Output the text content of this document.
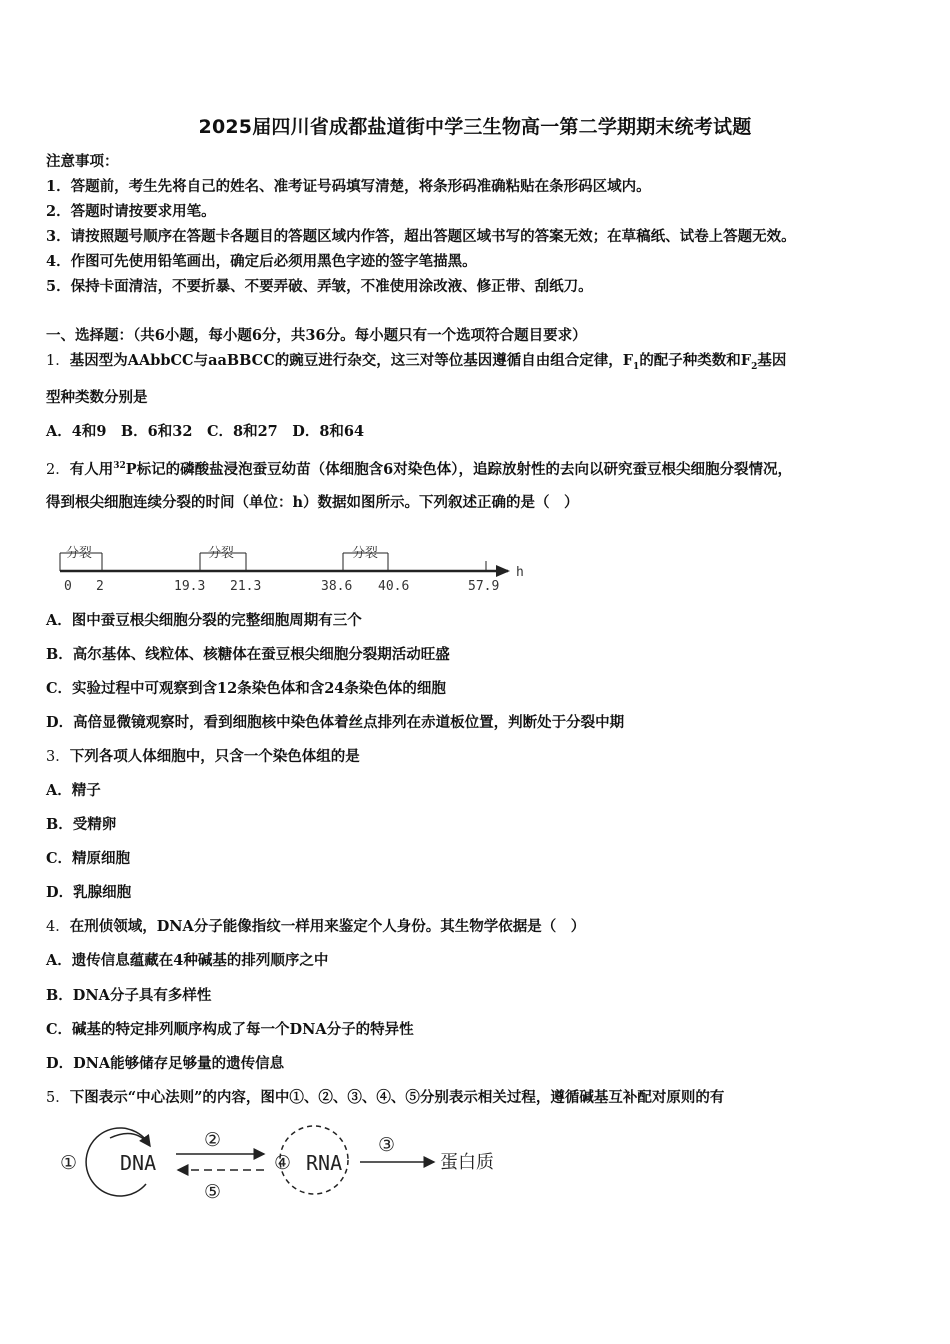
2025届四川省成都盐道街中学三生物高一第二学期期末统考试题
注意事项：
1．答题前，考生先将自己的姓名、准考证号码填写清楚，将条形码准确粘贴在条形码区域内。
2．答题时请按要求用笔。
3．请按照题号顺序在答题卡各题目的答题区域内作答，超出答题区域书写的答案无效；在草稿纸、试卷上答题无效。
4．作图可先使用铅笔画出，确定后必须用黑色字迹的签字笔描黑。
5．保持卡面清洁，不要折暴、不要弄破、弄皱，不准使用涂改液、修正带、刮纸刀。
一、选择题：（共6小题，每小题6分，共36分。每小题只有一个选项符合题目要求）
1．基因型为AAbbCC与aaBBCC的豌豆进行杂交，这三对等位基因遵循自由组合定律，$F_1$的配子种类数和$F_2$基因
型种类数分别是
A．4和9　B．6和32　C．8和27　D．8和64
2．有人用$^{32}$P标记的磷酸盐浸泡蚕豆幼苗（体细胞含6对染色体），追踪放射性的去向以研究蚕豆根尖细胞分裂情况，
得到根尖细胞连续分裂的时间（单位：h）数据如图所示。下列叙述正确的是（　）
分裂	分裂	分裂
0 2	19.3 21.3	38.6 40.6	57.9
h
A．图中蚕豆根尖细胞分裂的完整细胞周期有三个
B．高尔基体、线粒体、核糖体在蚕豆根尖细胞分裂期活动旺盛
C．实验过程中可观察到含12条染色体和含24条染色体的细胞
D．高倍显微镜观察时，看到细胞核中染色体着丝点排列在赤道板位置，判断处于分裂中期
3．下列各项人体细胞中，只含一个染色体组的是
A．精子
B．受精卵
C．精原细胞
D．乳腺细胞
4．在刑侦领域，DNA分子能像指纹一样用来鉴定个人身份。其生物学依据是（　）
A．遗传信息蕴藏在4种碱基的排列顺序之中
B．DNA分子具有多样性
C．碱基的特定排列顺序构成了每一个DNA分子的特异性
D．DNA能够储存足够量的遗传信息
5．下图表示“中心法则”的内容，图中①、②、③、④、⑤分别表示相关过程，遵循碱基互补配对原则的有
① DNA
②
⑤
④ RNA
③
蛋白质
